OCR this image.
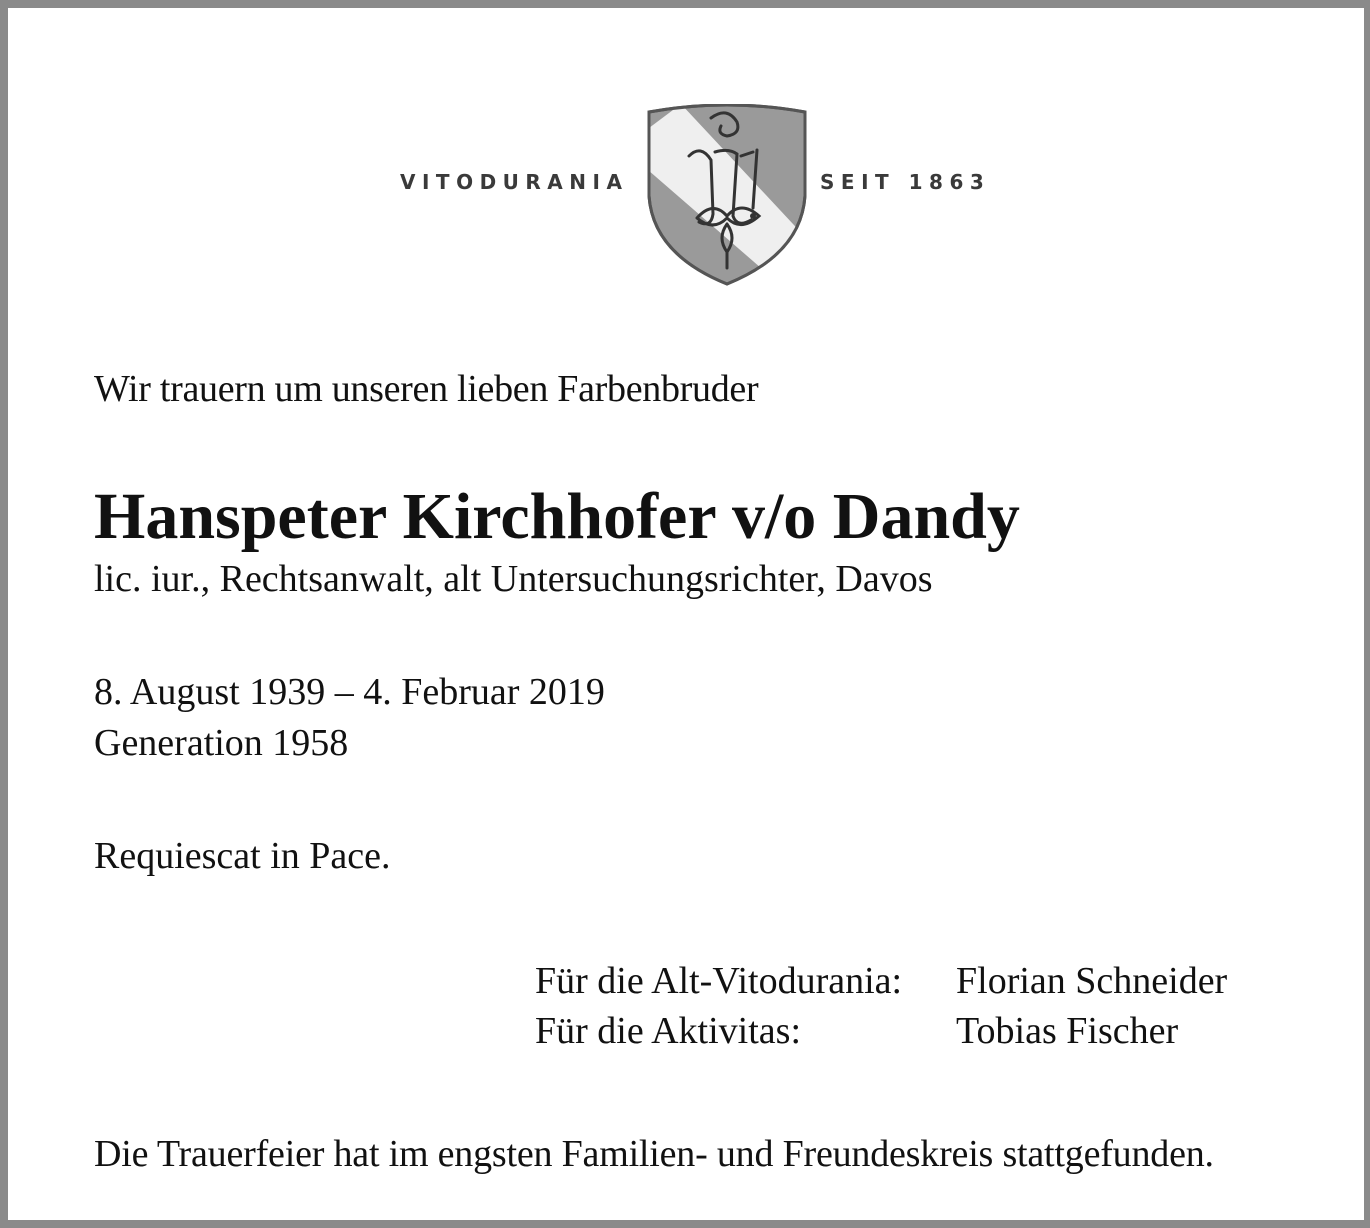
VITODURANIA	SEIT 1863
Wir trauern um unseren lieben Farbenbruder
Hanspeter Kirchhofer v/o Dandy
lic. iur., Rechtsanwalt, alt Untersuchungsrichter, Davos
8. August 1939 – 4. Februar 2019
Generation 1958
Requiescat in Pace.
Für die Alt-Vitodurania: Florian Schneider
Für die Aktivitas:	Tobias Fischer
Die Trauerfeier hat im engsten Familien- und Freundeskreis stattgefunden.
